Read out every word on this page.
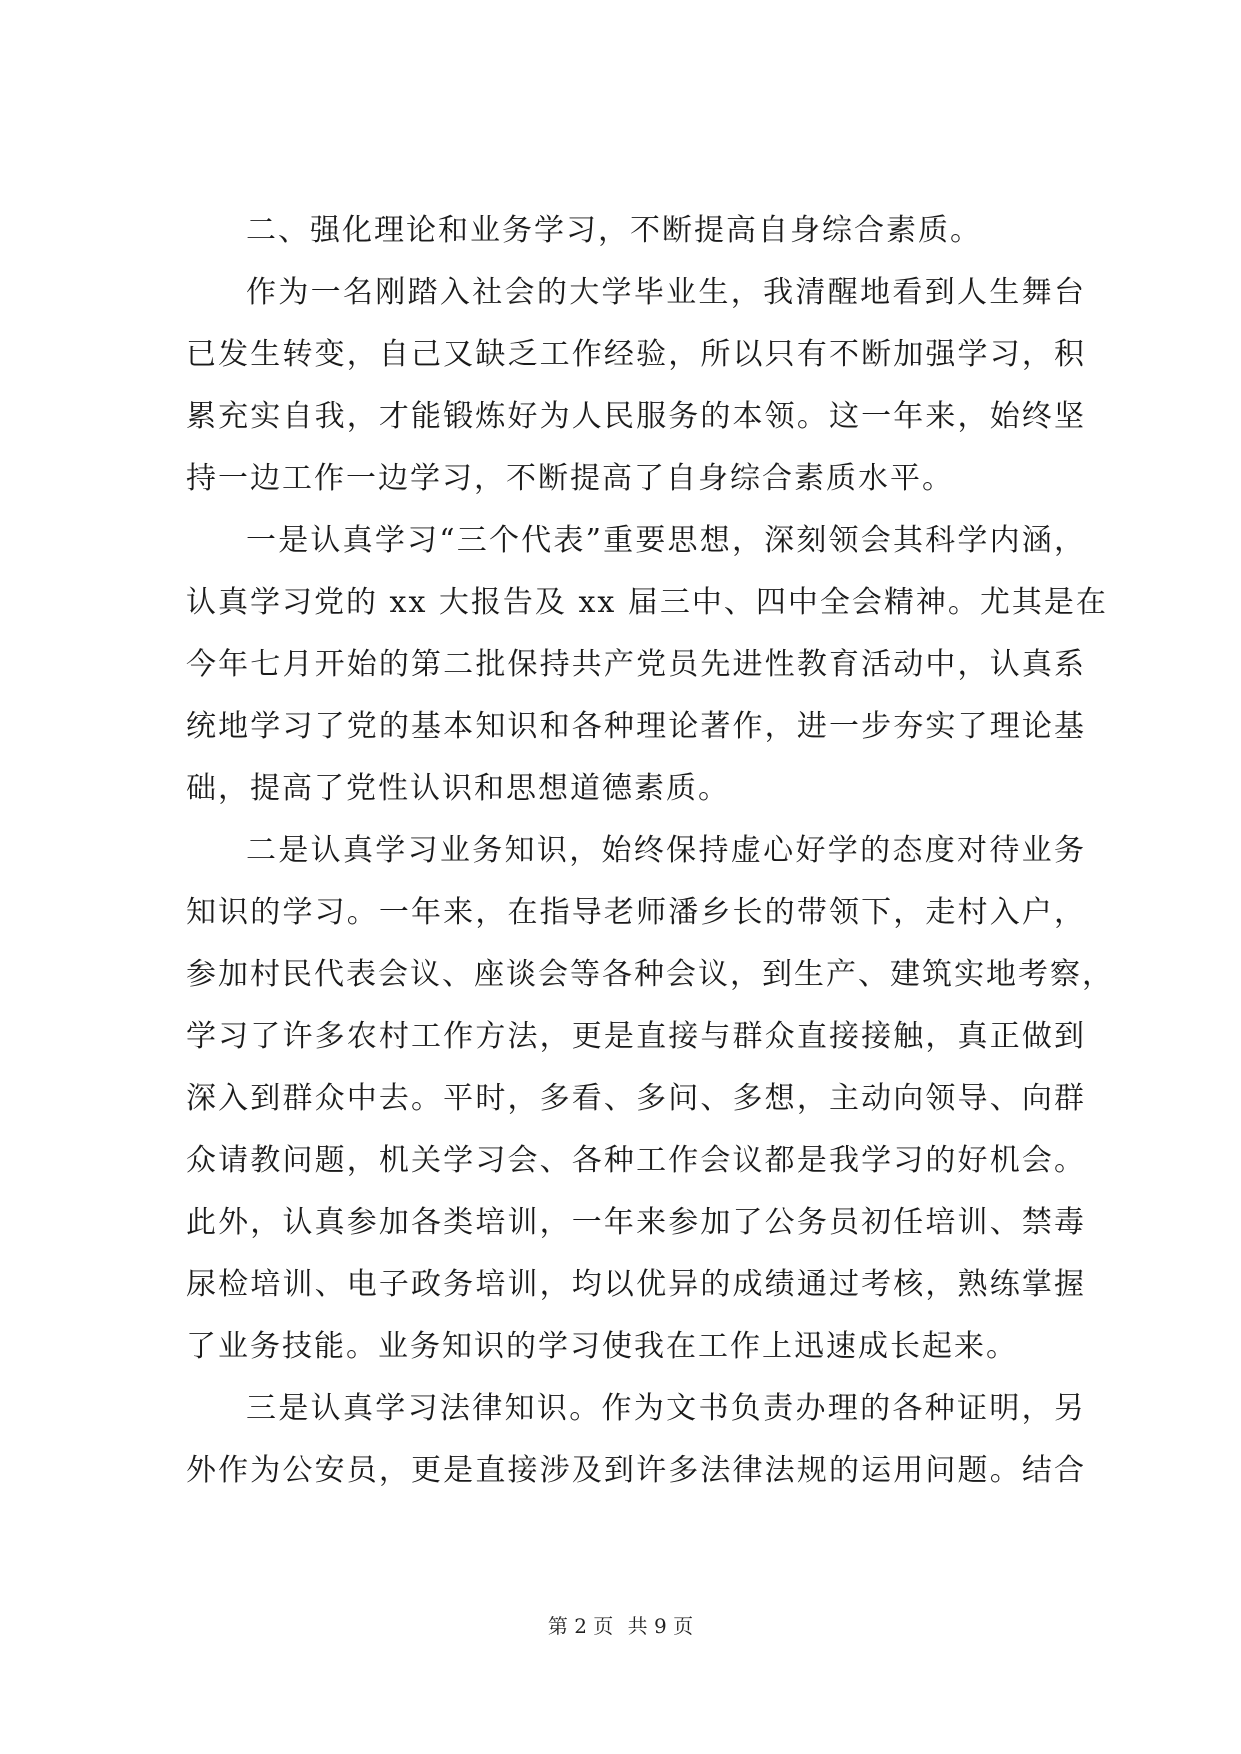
二、强化理论和业务学习，不断提高自身综合素质。
作为一名刚踏入社会的大学毕业生，我清醒地看到人生舞台
已发生转变，自己又缺乏工作经验，所以只有不断加强学习，积
累充实自我，才能锻炼好为人民服务的本领。这一年来，始终坚
持一边工作一边学习，不断提高了自身综合素质水平。
一是认真学习“三个代表”重要思想，深刻领会其科学内涵，
认真学习党的 xx 大报告及 xx 届三中、四中全会精神。尤其是在
今年七月开始的第二批保持共产党员先进性教育活动中，认真系
统地学习了党的基本知识和各种理论著作，进一步夯实了理论基
础，提高了党性认识和思想道德素质。
二是认真学习业务知识，始终保持虚心好学的态度对待业务
知识的学习。一年来，在指导老师潘乡长的带领下，走村入户，
参加村民代表会议、座谈会等各种会议，到生产、建筑实地考察，
学习了许多农村工作方法，更是直接与群众直接接触，真正做到
深入到群众中去。平时，多看、多问、多想，主动向领导、向群
众请教问题，机关学习会、各种工作会议都是我学习的好机会。
此外，认真参加各类培训，一年来参加了公务员初任培训、禁毒
尿检培训、电子政务培训，均以优异的成绩通过考核，熟练掌握
了业务技能。业务知识的学习使我在工作上迅速成长起来。
三是认真学习法律知识。作为文书负责办理的各种证明，另
外作为公安员，更是直接涉及到许多法律法规的运用问题。结合
第 2 页 共 9 页
